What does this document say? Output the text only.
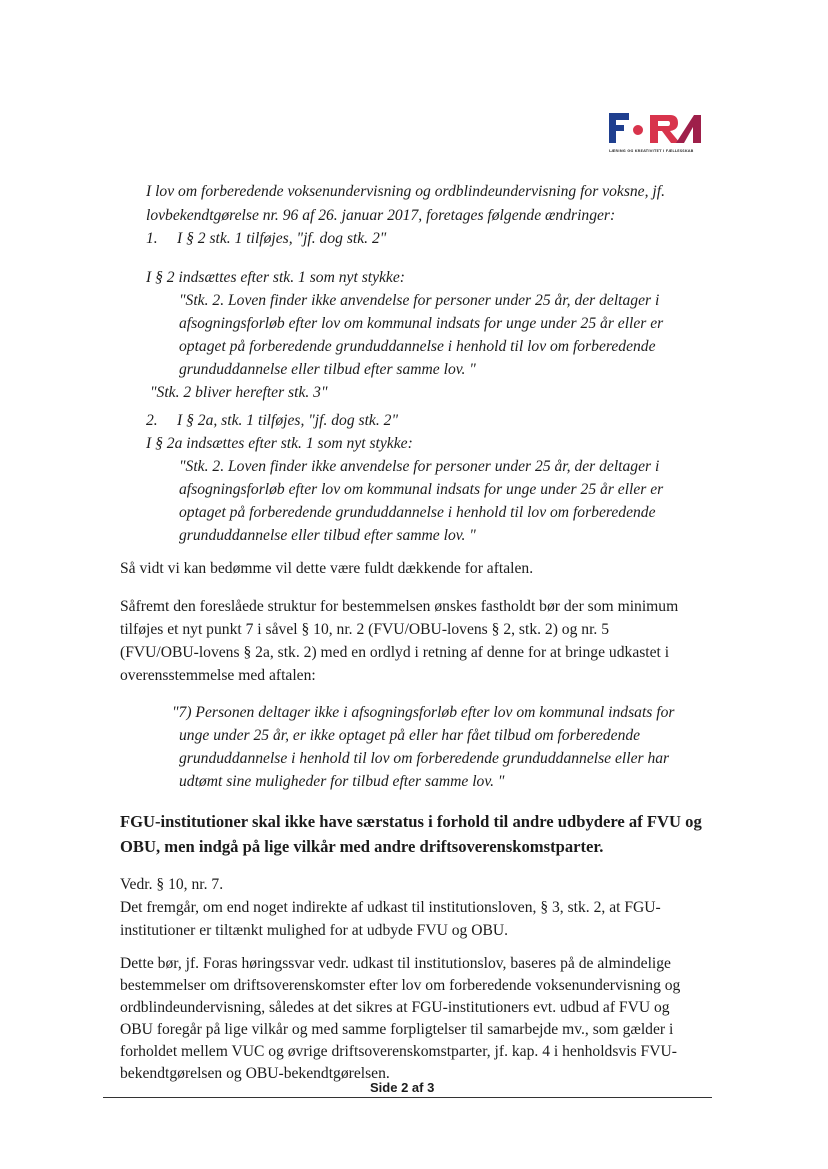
LÆRING OG KREATIVITET I FÆLLESSKAB
I lov om forberedende voksenundervisning og ordblindeundervisning for voksne, jf.
lovbekendtgørelse nr. 96 af 26. januar 2017, foretages følgende ændringer:
1. I § 2 stk. 1 tilføjes, "jf. dog stk. 2"
I § 2 indsættes efter stk. 1 som nyt stykke:
"Stk. 2. Loven finder ikke anvendelse for personer under 25 år, der deltager i
afsogningsforløb efter lov om kommunal indsats for unge under 25 år eller er
optaget på forberedende grunduddannelse i henhold til lov om forberedende
grunduddannelse eller tilbud efter samme lov. "
"Stk. 2 bliver herefter stk. 3"
2. I § 2a, stk. 1 tilføjes, "jf. dog stk. 2"
I § 2a indsættes efter stk. 1 som nyt stykke:
"Stk. 2. Loven finder ikke anvendelse for personer under 25 år, der deltager i
afsogningsforløb efter lov om kommunal indsats for unge under 25 år eller er
optaget på forberedende grunduddannelse i henhold til lov om forberedende
grunduddannelse eller tilbud efter samme lov. "
Så vidt vi kan bedømme vil dette være fuldt dækkende for aftalen.
Såfremt den foreslåede struktur for bestemmelsen ønskes fastholdt bør der som minimum
tilføjes et nyt punkt 7 i såvel § 10, nr. 2 (FVU/OBU-lovens § 2, stk. 2) og nr. 5
(FVU/OBU-lovens § 2a, stk. 2) med en ordlyd i retning af denne for at bringe udkastet i
overensstemmelse med aftalen:
"7) Personen deltager ikke i afsogningsforløb efter lov om kommunal indsats for
unge under 25 år, er ikke optaget på eller har fået tilbud om forberedende
grunduddannelse i henhold til lov om forberedende grunduddannelse eller har
udtømt sine muligheder for tilbud efter samme lov. "
FGU-institutioner skal ikke have særstatus i forhold til andre udbydere af FVU og
OBU, men indgå på lige vilkår med andre driftsoverenskomstparter.
Vedr. § 10, nr. 7.
Det fremgår, om end noget indirekte af udkast til institutionsloven, § 3, stk. 2, at FGU-
institutioner er tiltænkt mulighed for at udbyde FVU og OBU.
Dette bør, jf. Foras høringssvar vedr. udkast til institutionslov, baseres på de almindelige
bestemmelser om driftsoverenskomster efter lov om forberedende voksenundervisning og
ordblindeundervisning, således at det sikres at FGU-institutioners evt. udbud af FVU og
OBU foregår på lige vilkår og med samme forpligtelser til samarbejde mv., som gælder i
forholdet mellem VUC og øvrige driftsoverenskomstparter, jf. kap. 4 i henholdsvis FVU-
bekendtgørelsen og OBU-bekendtgørelsen.
Side 2 af 3
